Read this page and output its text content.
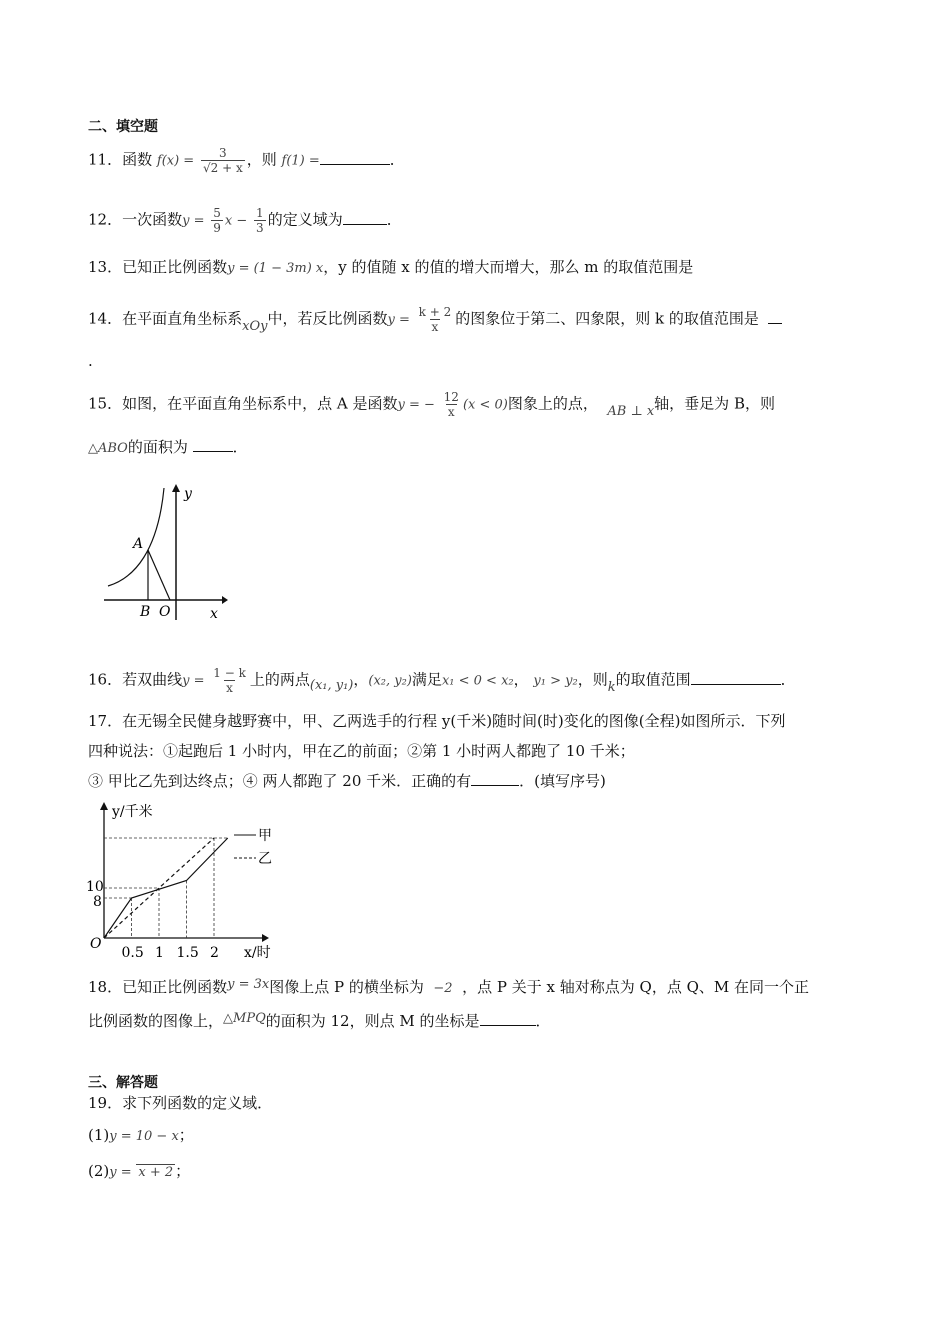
二、填空题
11．函数 $f(x) = \frac{3}{√2 + x}$ ，则 f(1) =	．
12．一次函数$y = \frac{5}{9}$ $x - \frac{1}{3}$ 的定义域为	．
13．已知正比例函数y = (1 − 3m) x，y 的值随 x 的值的增大而增大，那么 m 的取值范围是
14．在平面直角坐标系xOy中，若反比例函数$y = \frac{k + 2}{x}$ 的图象位于第二、四象限，则 k 的取值范围是
.
15．如图，在平面直角坐标系中，点 A 是函数y = − $\frac{12}{x} (x < 0)$图象上的点， AB ⊥ x轴，垂足为 B，则
△ABO的面积为	．
y
x
A
B O
16．若双曲线$y = \frac{1 - k}{x}$ 上的两点(x₁, y₁)，(x₂, y₂)满足x₁ < 0 < x₂， y₁ > y₂，则k的取值范围	．
17．在无锡全民健身越野赛中，甲、乙两选手的行程 y(千米)随时间(时)变化的图像(全程)如图所示．下列
四种说法：①起跑后 1 小时内，甲在乙的前面；②第 1 小时两人都跑了 10 千米；
③ 甲比乙先到达终点；④ 两人都跑了 20 千米．正确的有	．(填写序号)
0.5 1 1.5 2
8
10
O
y/千米
x/时
甲
乙
18．已知正比例函数y = 3x图像上点 P 的横坐标为 −2 ，点 P 关于 x 轴对称点为 Q，点 Q、M 在同一个正
比例函数的图像上，△MPQ的面积为 12，则点 M 的坐标是	．
三、解答题
19．求下列函数的定义域．
(1)y = 10 − x；
(2)y = x + 2 ；
